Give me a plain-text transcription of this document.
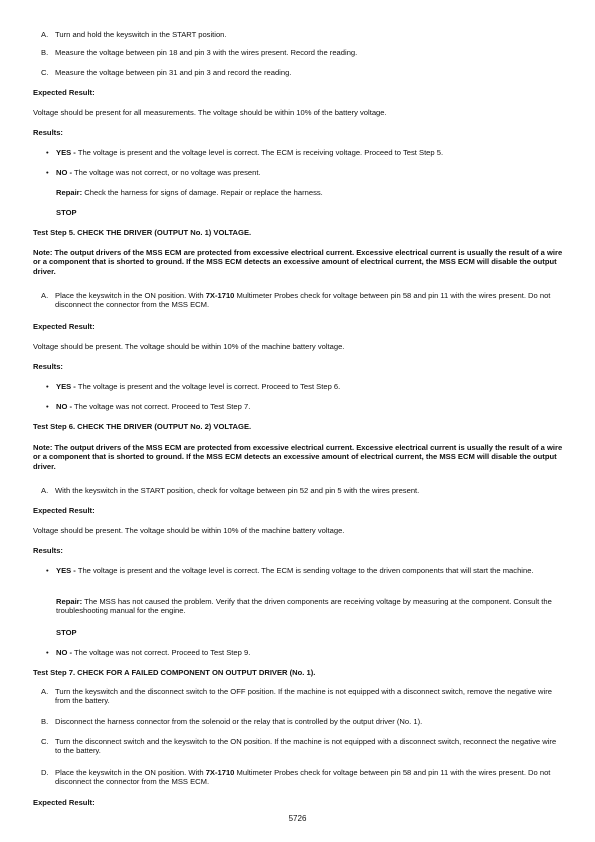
A. Turn and hold the keyswitch in the START position.
B. Measure the voltage between pin 18 and pin 3 with the wires present. Record the reading.
C. Measure the voltage between pin 31 and pin 3 and record the reading.
Expected Result:
Voltage should be present for all measurements. The voltage should be within 10% of the battery voltage.
Results:
• YES - The voltage is present and the voltage level is correct. The ECM is receiving voltage. Proceed to Test Step 5.
• NO - The voltage was not correct, or no voltage was present.
Repair: Check the harness for signs of damage. Repair or replace the harness.
STOP
Test Step 5. CHECK THE DRIVER (OUTPUT No. 1) VOLTAGE.
Note: The output drivers of the MSS ECM are protected from excessive electrical current. Excessive electrical current is usually the result of a wire or a component that is shorted to ground. If the MSS ECM detects an excessive amount of electrical current, the MSS ECM will disable the output driver.
A. Place the keyswitch in the ON position. With 7X-1710 Multimeter Probes check for voltage between pin 58 and pin 11 with the wires present. Do not disconnect the connector from the MSS ECM.
Expected Result:
Voltage should be present. The voltage should be within 10% of the machine battery voltage.
Results:
• YES - The voltage is present and the voltage level is correct. Proceed to Test Step 6.
• NO - The voltage was not correct. Proceed to Test Step 7.
Test Step 6. CHECK THE DRIVER (OUTPUT No. 2) VOLTAGE.
Note: The output drivers of the MSS ECM are protected from excessive electrical current. Excessive electrical current is usually the result of a wire or a component that is shorted to ground. If the MSS ECM detects an excessive amount of electrical current, the MSS ECM will disable the output driver.
A. With the keyswitch in the START position, check for voltage between pin 52 and pin 5 with the wires present.
Expected Result:
Voltage should be present. The voltage should be within 10% of the machine battery voltage.
Results:
• YES - The voltage is present and the voltage level is correct. The ECM is sending voltage to the driven components that will start the machine.
Repair: The MSS has not caused the problem. Verify that the driven components are receiving voltage by measuring at the component. Consult the troubleshooting manual for the engine.
STOP
• NO - The voltage was not correct. Proceed to Test Step 9.
Test Step 7. CHECK FOR A FAILED COMPONENT ON OUTPUT DRIVER (No. 1).
A. Turn the keyswitch and the disconnect switch to the OFF position. If the machine is not equipped with a disconnect switch, remove the negative wire from the battery.
B. Disconnect the harness connector from the solenoid or the relay that is controlled by the output driver (No. 1).
C. Turn the disconnect switch and the keyswitch to the ON position. If the machine is not equipped with a disconnect switch, reconnect the negative wire to the battery.
D. Place the keyswitch in the ON position. With 7X-1710 Multimeter Probes check for voltage between pin 58 and pin 11 with the wires present. Do not disconnect the connector from the MSS ECM.
Expected Result:
5726
